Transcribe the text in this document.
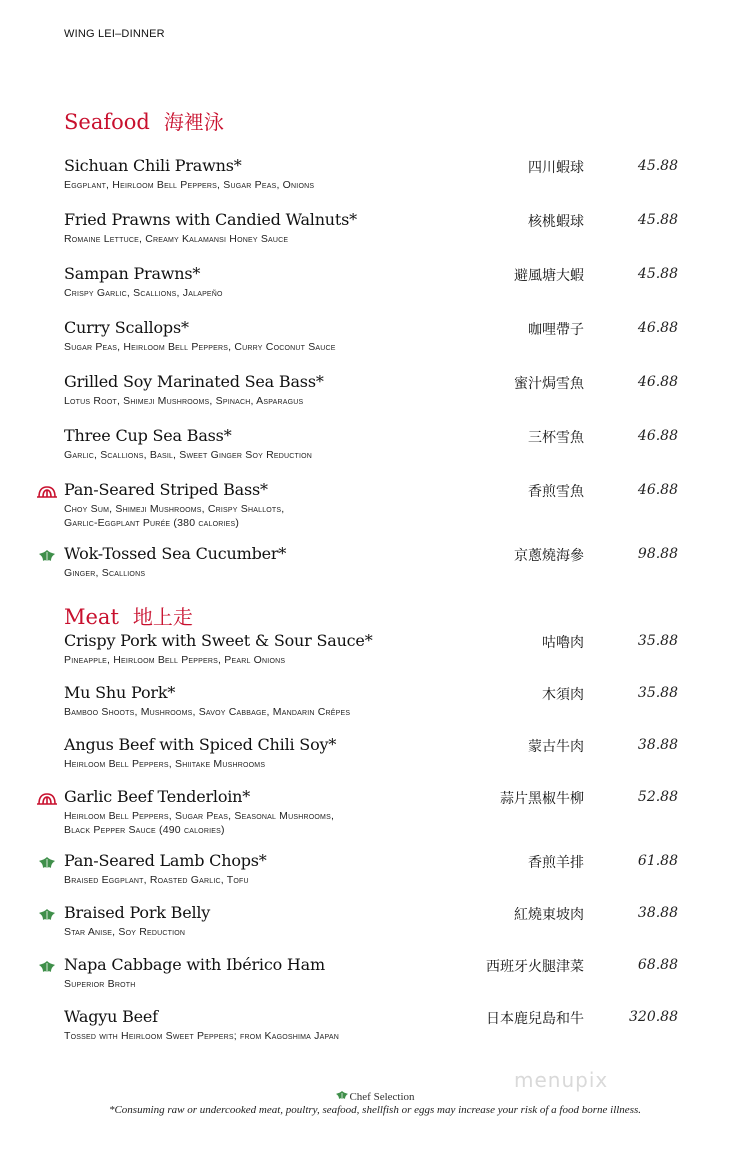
WING LEI–DINNER
Seafood 海裡泳
Sichuan Chili Prawns*
Eggplant, Heirloom Bell Peppers, Sugar Peas, Onions
四川蝦球	45.88
Fried Prawns with Candied Walnuts*
Romaine Lettuce, Creamy Kalamansi Honey Sauce
核桃蝦球	45.88
Sampan Prawns*
Crispy Garlic, Scallions, Jalapeño
避風塘大蝦	45.88
Curry Scallops*
Sugar Peas, Heirloom Bell Peppers, Curry Coconut Sauce
咖哩帶子	46.88
Grilled Soy Marinated Sea Bass*
Lotus Root, Shimeji Mushrooms, Spinach, Asparagus
蜜汁焗雪魚	46.88
Three Cup Sea Bass*
Garlic, Scallions, Basil, Sweet Ginger Soy Reduction
三杯雪魚	46.88
Pan-Seared Striped Bass*
Choy Sum, Shimeji Mushrooms, Crispy Shallots,
Garlic-Eggplant Purée (380 calories)
香煎雪魚	46.88
Wok-Tossed Sea Cucumber*
Ginger, Scallions
京蔥燒海參	98.88
Meat 地上走
Crispy Pork with Sweet & Sour Sauce*
Pineapple, Heirloom Bell Peppers, Pearl Onions
咕嚕肉	35.88
Mu Shu Pork*
Bamboo Shoots, Mushrooms, Savoy Cabbage, Mandarin Crêpes
木須肉	35.88
Angus Beef with Spiced Chili Soy*
Heirloom Bell Peppers, Shiitake Mushrooms
蒙古牛肉	38.88
Garlic Beef Tenderloin*
Heirloom Bell Peppers, Sugar Peas, Seasonal Mushrooms,
Black Pepper Sauce (490 calories)
蒜片黑椒牛柳	52.88
Pan-Seared Lamb Chops*
Braised Eggplant, Roasted Garlic, Tofu
香煎羊排	61.88
Braised Pork Belly
Star Anise, Soy Reduction
紅燒東坡肉	38.88
Napa Cabbage with Ibérico Ham
Superior Broth
西班牙火腿津菜	68.88
Wagyu Beef
Tossed with Heirloom Sweet Peppers; from Kagoshima Japan
日本鹿兒島和牛	320.88
menupix
Chef Selection
*Consuming raw or undercooked meat, poultry, seafood, shellfish or eggs may increase your risk of a food borne illness.
